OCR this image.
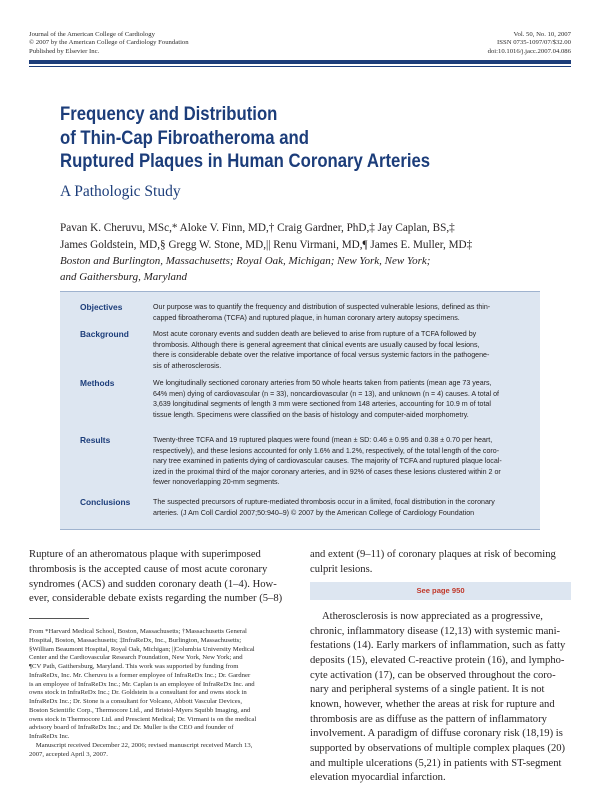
Journal of the American College of Cardiology
© 2007 by the American College of Cardiology Foundation
Published by Elsevier Inc.
Vol. 50, No. 10, 2007
ISSN 0735-1097/07/$32.00
doi:10.1016/j.jacc.2007.04.086
Frequency and Distribution
of Thin-Cap Fibroatheroma and
Ruptured Plaques in Human Coronary Arteries
A Pathologic Study
Pavan K. Cheruvu, MSc,* Aloke V. Finn, MD,† Craig Gardner, PhD,‡ Jay Caplan, BS,‡
James Goldstein, MD,§ Gregg W. Stone, MD,|| Renu Virmani, MD,¶ James E. Muller, MD‡
Boston and Burlington, Massachusetts; Royal Oak, Michigan; New York, New York;
and Gaithersburg, Maryland
Objectives	Our purpose was to quantify the frequency and distribution of suspected vulnerable lesions, defined as thin-
capped fibroatheroma (TCFA) and ruptured plaque, in human coronary artery autopsy specimens.
Background	Most acute coronary events and sudden death are believed to arise from rupture of a TCFA followed by
thrombosis. Although there is general agreement that clinical events are usually caused by focal lesions,
there is considerable debate over the relative importance of focal versus systemic factors in the pathogene-
sis of atherosclerosis.
Methods	We longitudinally sectioned coronary arteries from 50 whole hearts taken from patients (mean age 73 years,
64% men) dying of cardiovascular (n = 33), noncardiovascular (n = 13), and unknown (n = 4) causes. A total of
3,639 longitudinal segments of length 3 mm were sectioned from 148 arteries, accounting for 10.9 m of total
tissue length. Specimens were classified on the basis of histology and computer-aided morphometry.
Results	Twenty-three TCFA and 19 ruptured plaques were found (mean ± SD: 0.46 ± 0.95 and 0.38 ± 0.70 per heart,
respectively), and these lesions accounted for only 1.6% and 1.2%, respectively, of the total length of the coro-
nary tree examined in patients dying of cardiovascular causes. The majority of TCFA and ruptured plaque local-
ized in the proximal third of the major coronary arteries, and in 92% of cases these lesions clustered within 2 or
fewer nonoverlapping 20-mm segments.
Conclusions	The suspected precursors of rupture-mediated thrombosis occur in a limited, focal distribution in the coronary
arteries. (J Am Coll Cardiol 2007;50:940–9) © 2007 by the American College of Cardiology Foundation
Rupture of an atheromatous plaque with superimposed
thrombosis is the accepted cause of most acute coronary
syndromes (ACS) and sudden coronary death (1–4). How-
ever, considerable debate exists regarding the number (5–8)
From *Harvard Medical School, Boston, Massachusetts; †Massachusetts General
Hospital, Boston, Massachusetts; ‡InfraReDx, Inc., Burlington, Massachusetts;
§William Beaumont Hospital, Royal Oak, Michigan; ||Columbia University Medical
Center and the Cardiovascular Research Foundation, New York, New York; and
¶CV Path, Gaithersburg, Maryland. This work was supported by funding from
InfraReDx, Inc. Mr. Cheruvu is a former employee of InfraReDx Inc.; Dr. Gardner
is an employee of InfraReDx Inc.; Mr. Caplan is an employee of InfraReDx Inc. and
owns stock in InfraReDx Inc.; Dr. Goldstein is a consultant for and owns stock in
InfraReDx Inc.; Dr. Stone is a consultant for Volcano, Abbott Vascular Devices,
Boston Scientific Corp., Thermocore Ltd., and Bristol-Myers Squibb Imaging, and
owns stock in Thermocore Ltd. and Prescient Medical; Dr. Virmani is on the medical
advisory board of InfraReDx Inc.; and Dr. Muller is the CEO and founder of
InfraReDx Inc.
Manuscript received December 22, 2006; revised manuscript received March 13,
2007, accepted April 3, 2007.
and extent (9–11) of coronary plaques at risk of becoming
culprit lesions.
See page 950
Atherosclerosis is now appreciated as a progressive,
chronic, inflammatory disease (12,13) with systemic mani-
festations (14). Early markers of inflammation, such as fatty
deposits (15), elevated C-reactive protein (16), and lympho-
cyte activation (17), can be observed throughout the coro-
nary and peripheral systems of a single patient. It is not
known, however, whether the areas at risk for rupture and
thrombosis are as diffuse as the pattern of inflammatory
involvement. A paradigm of diffuse coronary risk (18,19) is
supported by observations of multiple complex plaques (20)
and multiple ulcerations (5,21) in patients with ST-segment
elevation myocardial infarction.
